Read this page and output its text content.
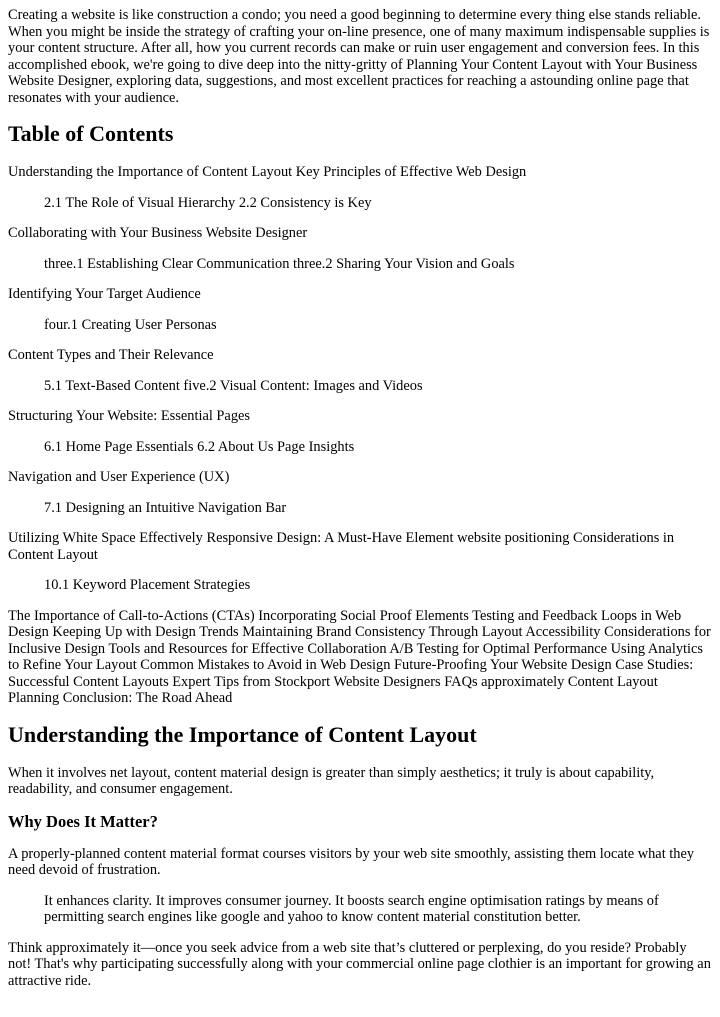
Creating a website is like construction a condo; you need a good beginning to determine every thing else stands reliable. When you might be inside the strategy of crafting your on-line presence, one of many maximum indispensable supplies is your content structure. After all, how you current records can make or ruin user engagement and conversion fees. In this accomplished ebook, we're going to dive deep into the nitty-gritty of Planning Your Content Layout with Your Business Website Designer, exploring data, suggestions, and most excellent practices for reaching a astounding online page that resonates with your audience.

Table of Contents

Understanding the Importance of Content Layout Key Principles of Effective Web Design

2.1 The Role of Visual Hierarchy 2.2 Consistency is Key

Collaborating with Your Business Website Designer

three.1 Establishing Clear Communication three.2 Sharing Your Vision and Goals

Identifying Your Target Audience

four.1 Creating User Personas

Content Types and Their Relevance

5.1 Text-Based Content five.2 Visual Content: Images and Videos

Structuring Your Website: Essential Pages

6.1 Home Page Essentials 6.2 About Us Page Insights

Navigation and User Experience (UX)

7.1 Designing an Intuitive Navigation Bar

Utilizing White Space Effectively Responsive Design: A Must-Have Element website positioning Considerations in Content Layout

10.1 Keyword Placement Strategies

The Importance of Call-to-Actions (CTAs) Incorporating Social Proof Elements Testing and Feedback Loops in Web Design Keeping Up with Design Trends Maintaining Brand Consistency Through Layout Accessibility Considerations for Inclusive Design Tools and Resources for Effective Collaboration A/B Testing for Optimal Performance Using Analytics to Refine Your Layout Common Mistakes to Avoid in Web Design Future-Proofing Your Website Design Case Studies: Successful Content Layouts Expert Tips from Stockport Website Designers FAQs approximately Content Layout Planning Conclusion: The Road Ahead

Understanding the Importance of Content Layout

When it involves net layout, content material design is greater than simply aesthetics; it truly is about capability, readability, and consumer engagement.

Why Does It Matter?

A properly-planned content material format courses visitors by your web site smoothly, assisting them locate what they need devoid of frustration.

It enhances clarity. It improves consumer journey. It boosts search engine optimisation ratings by means of permitting search engines like google and yahoo to know content material constitution better.

Think approximately it—once you seek advice from a web site that’s cluttered or perplexing, do you reside? Probably not! That's why participating successfully along with your commercial online page clothier is an important for growing an attractive ride.
